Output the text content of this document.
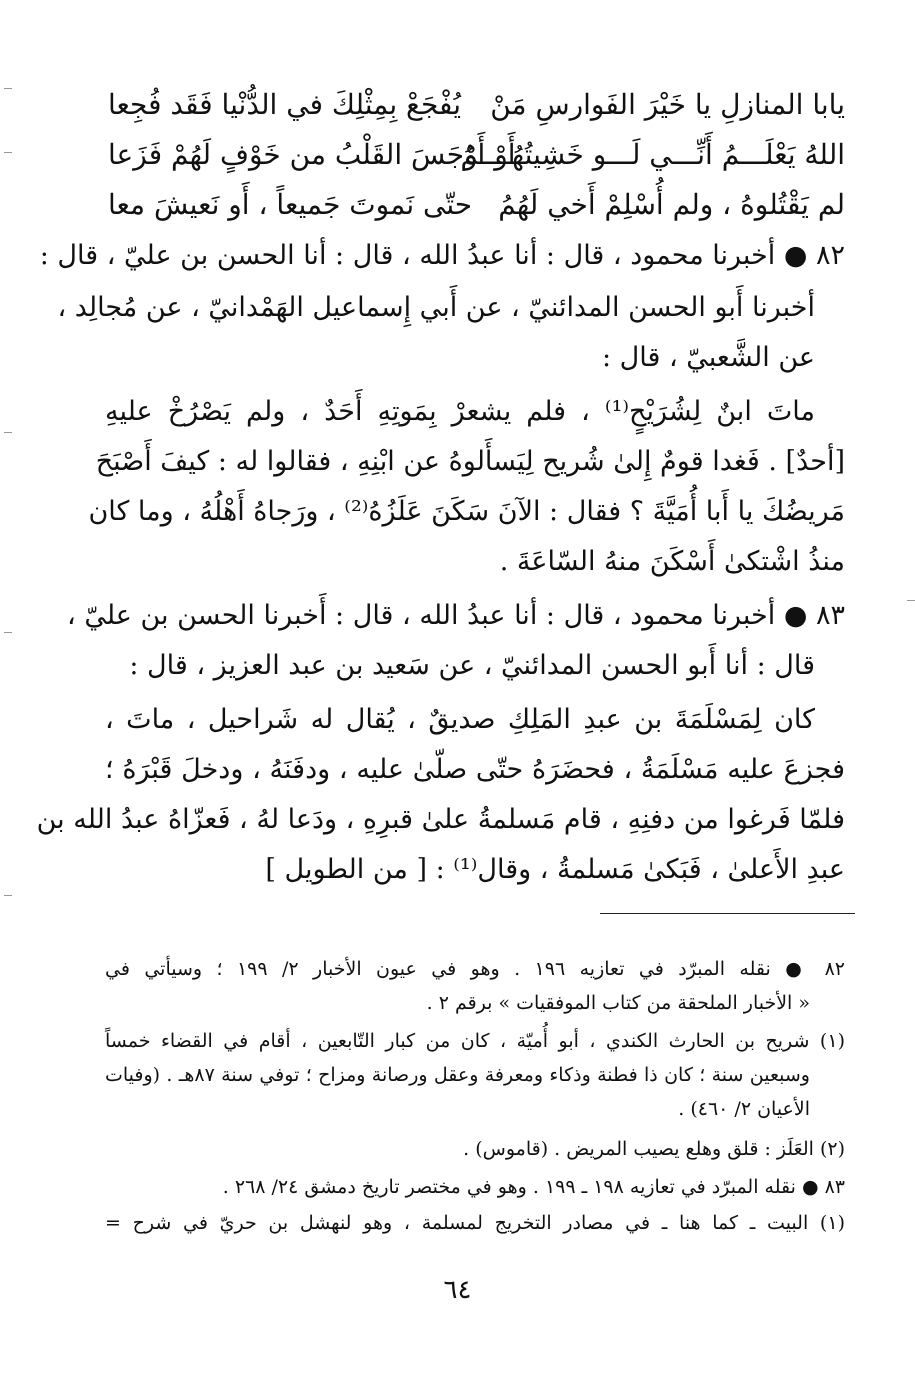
يابا المنازلِ يا خَيْرَ الفَوارسِ مَنْ
يُفْجَعْ بِمِثْلِكَ في الدُّنْيا فَقَد فُجِعا
اللهُ يَعْلَـــمُ أَنِّـــي لَـــو خَشِيتُهُــــمُ
أَوْ أَوْجَسَ القَلْبُ من خَوْفٍ لَهُمْ فَزَعا
لم يَقْتُلوهُ ، ولم أُسْلِمْ أَخي لَهُمُ
حتّى نَموتَ جَميعاً ، أَو نَعيشَ معا
٨٢ ● أخبرنا محمود ، قال : أنا عبدُ الله ، قال : أنا الحسن بن عليّ ، قال :
أخبرنا أَبو الحسن المدائنيّ ، عن أَبي إِسماعيل الهَمْدانيّ ، عن مُجالِد ،
عن الشَّعبيّ ، قال :
ماتَ ابنٌ لِشُرَيْحٍ⁽¹⁾ ، فلم يشعرْ بِمَوتِهِ أَحَدٌ ، ولم يَصْرُخْ عليهِ
[أحدٌ] . فَغدا قومٌ إِلىٰ شُريح لِيَسأَلوهُ عن ابْنِهِ ، فقالوا له : كيفَ أَصْبَحَ
مَريضُكَ يا أَبا أُمَيَّةَ ؟ فقال : الآنَ سَكَنَ عَلَزُهُ⁽²⁾ ، ورَجاهُ أَهْلُهُ ، وما كان
منذُ اشْتكىٰ أَسْكَنَ منهُ السّاعَةَ .
٨٣ ● أخبرنا محمود ، قال : أنا عبدُ الله ، قال : أَخبرنا الحسن بن عليّ ،
قال : أنا أَبو الحسن المدائنيّ ، عن سَعيد بن عبد العزيز ، قال :
كان لِمَسْلَمَةَ بن عبدِ المَلِكِ صديقٌ ، يُقال له شَراحيل ، ماتَ ،
فجزعَ عليه مَسْلَمَةُ ، فحضَرَهُ حتّى صلّىٰ عليه ، ودفَنَهُ ، ودخلَ قَبْرَهُ ؛
فلمّا فَرغوا من دفنِهِ ، قام مَسلمةُ علىٰ قبرِهِ ، ودَعا لهُ ، فَعزّاهُ عبدُ الله بن
عبدِ الأَعلىٰ ، فَبَكىٰ مَسلمةُ ، وقال⁽¹⁾ : [ من الطويل ]
٨٢ ● نقله المبرّد في تعازيه ١٩٦ . وهو في عيون الأخبار ٢/ ١٩٩ ؛ وسيأتي في
« الأخبار الملحقة من كتاب الموفقيات » برقم ٢ .
(١) شريح بن الحارث الكندي ، أبو أُميّة ، كان من كبار التّابعين ، أقام في القضاء خمساً
وسبعين سنة ؛ كان ذا فطنة وذكاء ومعرفة وعقل ورصانة ومزاح ؛ توفي سنة ٨٧هـ . (وفيات
الأعيان ٢/ ٤٦٠) .
(٢) العَلَز : قلق وهلع يصيب المريض . (قاموس) .
٨٣ ● نقله المبرّد في تعازيه ١٩٨ ـ ١٩٩ . وهو في مختصر تاريخ دمشق ٢٤/ ٢٦٨ .
(١) البيت ـ كما هنا ـ في مصادر التخريج لمسلمة ، وهو لنهشل بن حريّ في شرح =
٦٤
